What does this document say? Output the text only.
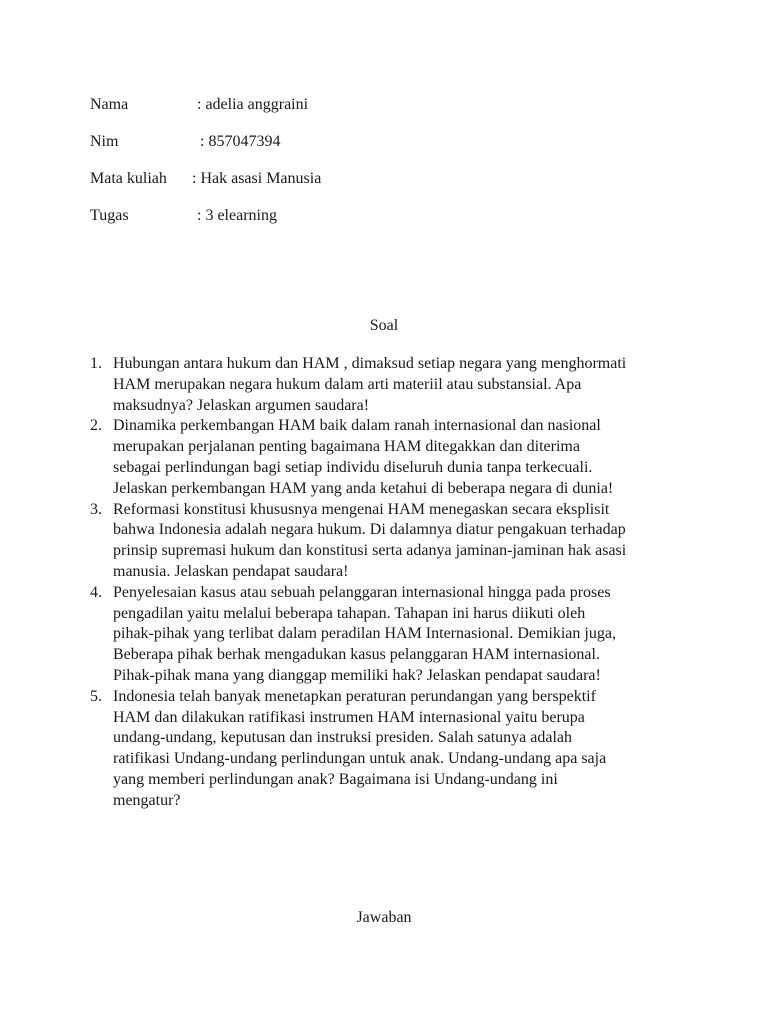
Nama	: adelia anggraini
Nim	: 857047394
Mata kuliah	: Hak asasi Manusia
Tugas	: 3 elearning
Soal
1. Hubungan antara hukum dan HAM , dimaksud setiap negara yang menghormati
HAM merupakan negara hukum dalam arti materiil atau substansial. Apa
maksudnya? Jelaskan argumen saudara!
2. Dinamika perkembangan HAM baik dalam ranah internasional dan nasional
merupakan perjalanan penting bagaimana HAM ditegakkan dan diterima
sebagai perlindungan bagi setiap individu diseluruh dunia tanpa terkecuali.
Jelaskan perkembangan HAM yang anda ketahui di beberapa negara di dunia!
3. Reformasi konstitusi khususnya mengenai HAM menegaskan secara eksplisit
bahwa Indonesia adalah negara hukum. Di dalamnya diatur pengakuan terhadap
prinsip supremasi hukum dan konstitusi serta adanya jaminan-jaminan hak asasi
manusia. Jelaskan pendapat saudara!
4. Penyelesaian kasus atau sebuah pelanggaran internasional hingga pada proses
pengadilan yaitu melalui beberapa tahapan. Tahapan ini harus diikuti oleh
pihak-pihak yang terlibat dalam peradilan HAM Internasional. Demikian juga,
Beberapa pihak berhak mengadukan kasus pelanggaran HAM internasional.
Pihak-pihak mana yang dianggap memiliki hak? Jelaskan pendapat saudara!
5. Indonesia telah banyak menetapkan peraturan perundangan yang berspektif
HAM dan dilakukan ratifikasi instrumen HAM internasional yaitu berupa
undang-undang, keputusan dan instruksi presiden. Salah satunya adalah
ratifikasi Undang-undang perlindungan untuk anak. Undang-undang apa saja
yang memberi perlindungan anak? Bagaimana isi Undang-undang ini
mengatur?
Jawaban
